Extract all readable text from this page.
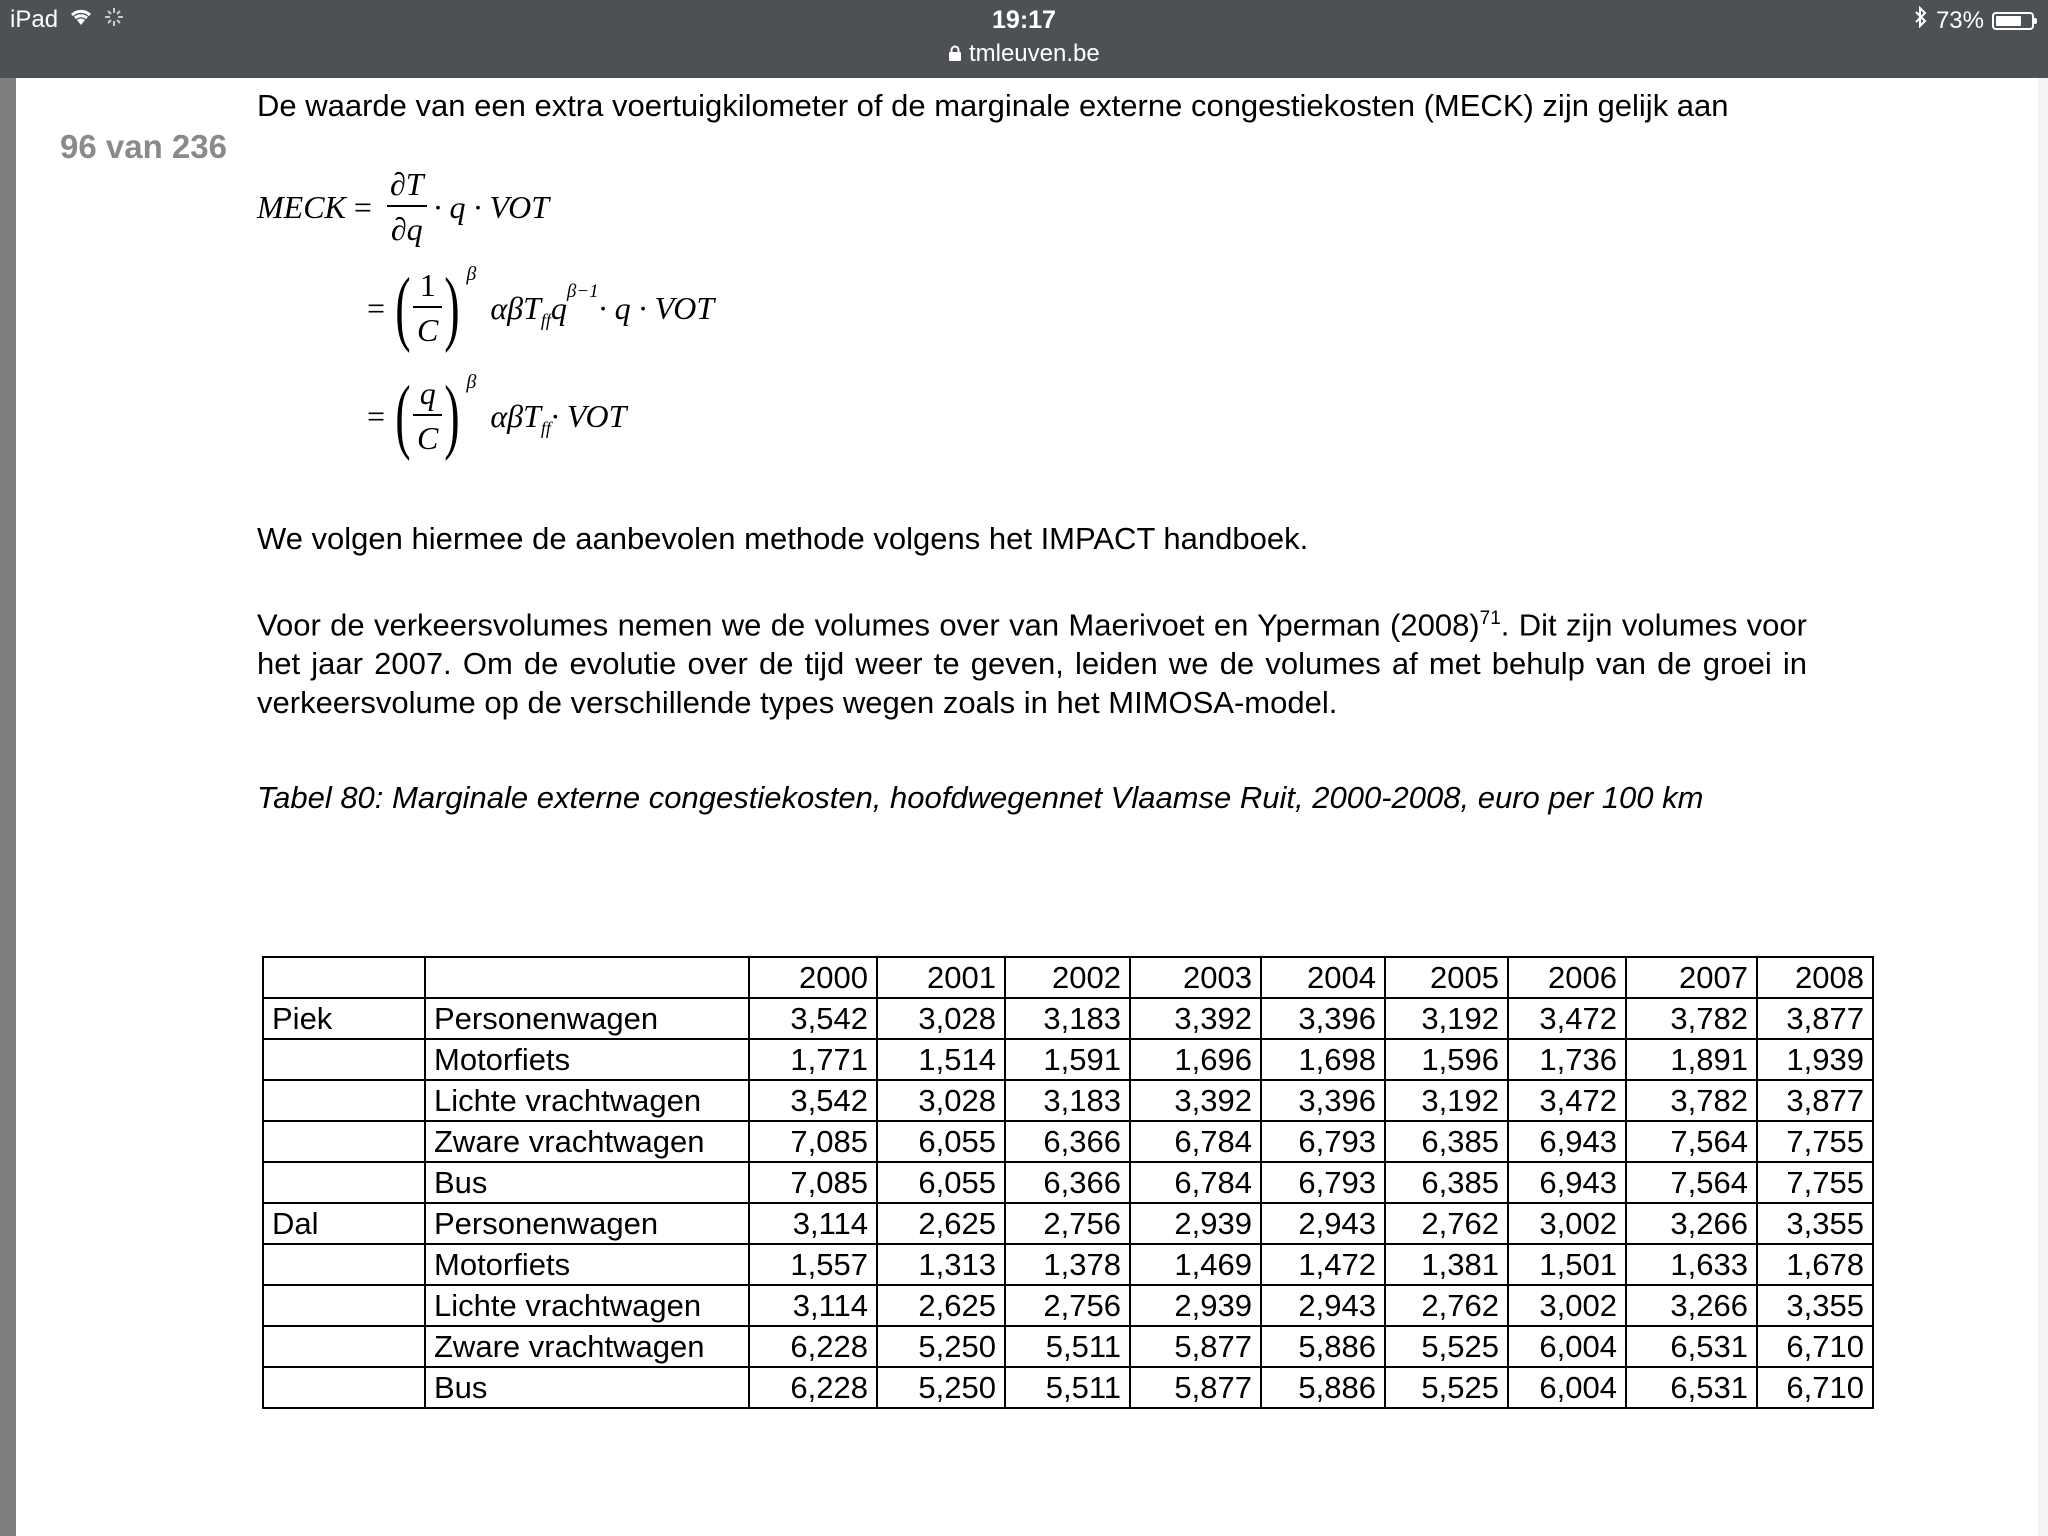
iPad	19:17
tmleuven.be
73%
96 van 236
De waarde van een extra voertuigkilometer of de marginale externe congestiekosten (MECK) zijn gelijk aan
MECK = $\frac{\partial T}{\partial q} \cdot q$ · VOT
= ( $\frac{1}{C}$ ) β
αβT ff q β−1 · q · VOT
= ( $\frac{q}{C}$ ) β
αβT ff · VOT
We volgen hiermee de aanbevolen methode volgens het IMPACT handboek.
Voor de verkeersvolumes nemen we de volumes over van Maerivoet en Yperman $(2008)^{71}$. Dit zijn volumes voor het jaar 2007. Om de evolutie over de tijd weer te geven, leiden we de volumes af met behulp van de groei in verkeersvolume op de verschillende types wegen zoals in het MIMOSA-model.
Tabel 80: Marginale externe congestiekosten, hoofdwegennet Vlaamse Ruit, 2000-2008, euro per 100 km
		2000	2001	2002	2003	2004	2005	2006	2007	2008
Piek	Personenwagen	3,542	3,028	3,183	3,392	3,396	3,192	3,472	3,782	3,877
	Motorfiets	1,771	1,514	1,591	1,696	1,698	1,596	1,736	1,891	1,939
	Lichte vrachtwagen	3,542	3,028	3,183	3,392	3,396	3,192	3,472	3,782	3,877
	Zware vrachtwagen	7,085	6,055	6,366	6,784	6,793	6,385	6,943	7,564	7,755
	Bus	7,085	6,055	6,366	6,784	6,793	6,385	6,943	7,564	7,755
Dal	Personenwagen	3,114	2,625	2,756	2,939	2,943	2,762	3,002	3,266	3,355
	Motorfiets	1,557	1,313	1,378	1,469	1,472	1,381	1,501	1,633	1,678
	Lichte vrachtwagen	3,114	2,625	2,756	2,939	2,943	2,762	3,002	3,266	3,355
	Zware vrachtwagen	6,228	5,250	5,511	5,877	5,886	5,525	6,004	6,531	6,710
	Bus	6,228	5,250	5,511	5,877	5,886	5,525	6,004	6,531	6,710
